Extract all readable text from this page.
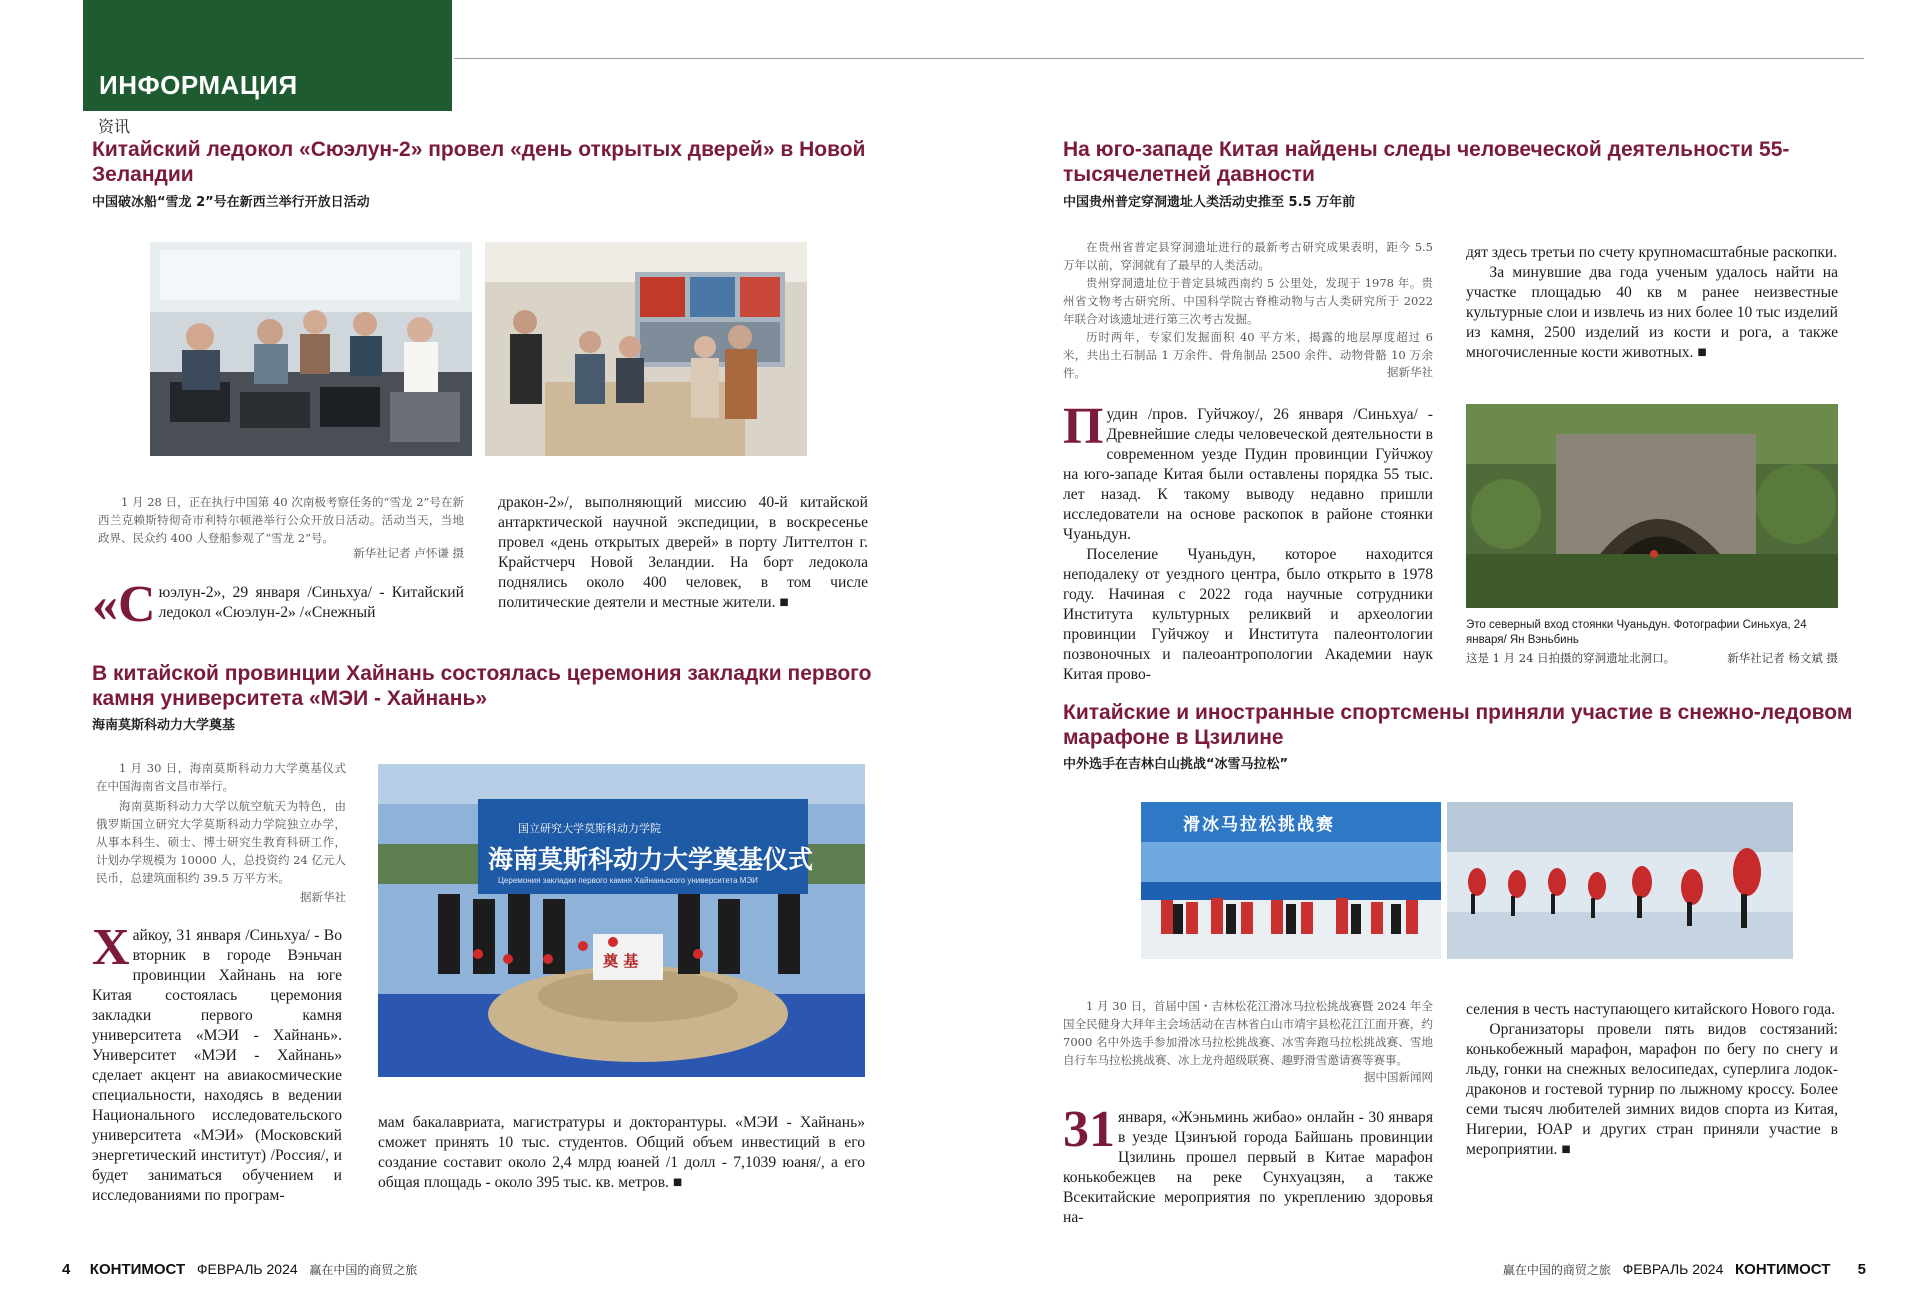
ИНФОРМАЦИЯ
资讯
Китайский ледокол «Сюэлун-2» провел «день открытых дверей» в Новой Зеландии
中国破冰船“雪龙 2”号在新西兰举行开放日活动
1 月 28 日，正在执行中国第 40 次南极考察任务的“雪龙 2”号在新西兰克赖斯特彻奇市利特尔顿港举行公众开放日活动。活动当天，当地政界、民众约 400 人登船参观了“雪龙 2”号。
新华社记者 卢怀谦 摄

«Сюэлун-2», 29 января /Синьхуа/ - Китайский ледокол «Сюэлун-2» /«Снежный

дракон-2»/, выполняющий миссию 40-й китайской антарктической научной экспедиции, в воскресенье провел «день открытых дверей» в порту Литтелтон г. Крайстчерч Новой Зеландии. На борт ледокола поднялись около 400 человек, в том числе политические деятели и местные жители. ■

В китайской провинции Хайнань состоялась церемония закладки первого камня университета «МЭИ - Хайнань»
海南莫斯科动力大学奠基
1 月 30 日，海南莫斯科动力大学奠基仪式在中国海南省文昌市举行。
海南莫斯科动力大学以航空航天为特色，由俄罗斯国立研究大学莫斯科动力学院独立办学，从事本科生、硕士、博士研究生教育科研工作，计划办学规模为 10000 人，总投资约 24 亿元人民币，总建筑面积约 39.5 万平方米。
据新华社

Хайкоу, 31 января /Синьхуа/ - Во вторник в городе Вэньчан провинции Хайнань на юге Китая состоялась церемония закладки первого камня университета «МЭИ - Хайнань». Университет «МЭИ - Хайнань» сделает акцент на авиакосмические специальности, находясь в ведении Национального исследовательского университета «МЭИ» (Московский энергетический институт) /Россия/, и будет заниматься обучением и исследованиями по програм-

国立研究大学莫斯科动力学院
海南莫斯科动力大学奠基仪式
Церемония закладки первого камня Хайнаньского университета МЭИ
奠 基

мам бакалавриата, магистратуры и докторантуры. «МЭИ - Хайнань» сможет принять 10 тыс. студентов. Общий объем инвестиций в его создание составит около 2,4 млрд юаней /1 долл - 7,1039 юаня/, а его общая площадь - около 395 тыс. кв. метров. ■

На юго-западе Китая найдены следы человеческой деятельности 55-тысячелетней давности
中国贵州普定穿洞遗址人类活动史推至 5.5 万年前
在贵州省普定县穿洞遗址进行的最新考古研究成果表明，距今 5.5 万年以前，穿洞就有了最早的人类活动。
贵州穿洞遗址位于普定县城西南约 5 公里处，发现于 1978 年。贵州省文物考古研究所、中国科学院古脊椎动物与古人类研究所于 2022 年联合对该遗址进行第三次考古发掘。
历时两年，专家们发掘面积 40 平方米，揭露的地层厚度超过 6 米，共出土石制品 1 万余件、骨角制品 2500 余件、动物骨骼 10 万余件。	据新华社

Пудин /пров. Гуйчжоу/, 26 января /Синьхуа/ - Древнейшие следы человеческой деятельности в современном уезде Пудин провинции Гуйчжоу на юго-западе Китая были оставлены порядка 55 тыс. лет назад. К такому выводу недавно пришли исследователи на основе раскопок в районе стоянки Чуаньдун.

Поселение Чуаньдун, которое находится неподалеку от уездного центра, было открыто в 1978 году. Начиная с 2022 года научные сотрудники Института культурных реликвий и археологии провинции Гуйчжоу и Института палеонтологии позвоночных и палеоантропологии Академии наук Китая прово-

дят здесь третьи по счету крупномасштабные раскопки.

За минувшие два года ученым удалось найти на участке площадью 40 кв м ранее неизвестные культурные слои и извлечь из них более 10 тыс изделий из камня, 2500 изделий из кости и рога, а также многочисленные кости животных. ■

Это северный вход стоянки Чуаньдун. Фотографии Синьхуа, 24 января/ Ян Вэньбинь
这是 1 月 24 日拍摄的穿洞遗址北洞口。	新华社记者 杨文斌 摄
Китайские и иностранные спортсмены приняли участие в снежно-ледовом марафоне в Цзилине
中外选手在吉林白山挑战“冰雪马拉松”
滑冰马拉松挑战赛
1 月 30 日，首届中国・吉林松花江滑冰马拉松挑战赛暨 2024 年全国全民健身大拜年主会场活动在吉林省白山市靖宇县松花江江面开赛，约 7000 名中外选手参加滑冰马拉松挑战赛、冰雪奔跑马拉松挑战赛、雪地自行车马拉松挑战赛、冰上龙舟超级联赛、趣野滑雪邀请赛等赛事。
据中国新闻网

31 января, «Жэньминь жибао» онлайн - 30 января в уезде Цзинъюй города Байшань провинции Цзилинь прошел первый в Китае марафон конькобежцев на реке Сунхуацзян, а также Всекитайские мероприятия по укреплению здоровья на-

селения в честь наступающего китайского Нового года.

Организаторы провели пять видов состязаний: конькобежный марафон, марафон по бегу по снегу и льду, гонки на снежных велосипедах, суперлига лодок-драконов и гостевой турнир по лыжному кроссу. Более семи тысяч любителей зимних видов спорта из Китая, Нигерии, ЮАР и других стран приняли участие в мероприятии. ■

4 КОНТИМОСТ ФЕВРАЛЬ 2024 赢在中国的商贸之旅	赢在中国的商贸之旅 ФЕВРАЛЬ 2024 КОНТИМОСТ 5
